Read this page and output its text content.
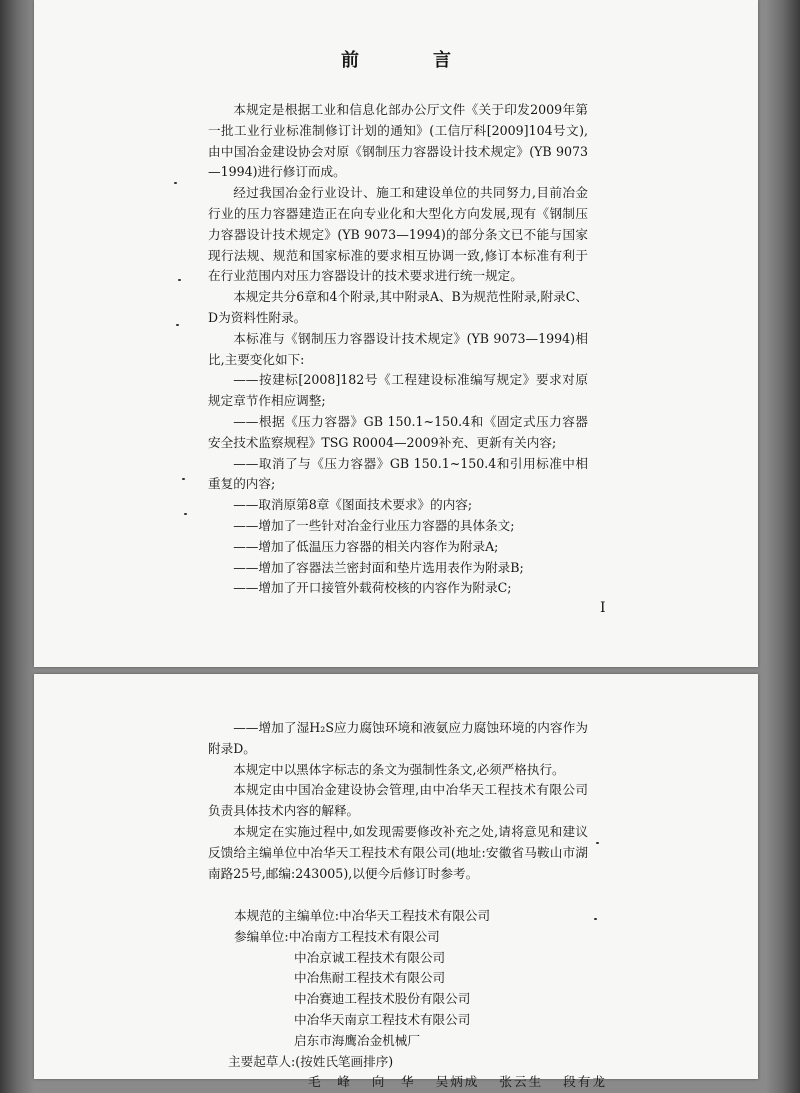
前　言

本规定是根据工业和信息化部办公厅文件《关于印发2009年第一批工业行业标准制修订计划的通知》(工信厅科[2009]104号文),由中国冶金建设协会对原《钢制压力容器设计技术规定》(YB 9073—1994)进行修订而成。

经过我国冶金行业设计、施工和建设单位的共同努力,目前冶金行业的压力容器建造正在向专业化和大型化方向发展,现有《钢制压力容器设计技术规定》(YB 9073—1994)的部分条文已不能与国家现行法规、规范和国家标准的要求相互协调一致,修订本标准有利于在行业范围内对压力容器设计的技术要求进行统一规定。

本规定共分6章和4个附录,其中附录A、B为规范性附录,附录C、D为资料性附录。

本标准与《钢制压力容器设计技术规定》(YB 9073—1994)相比,主要变化如下:

——按建标[2008]182号《工程建设标准编写规定》要求对原规定章节作相应调整;

——根据《压力容器》GB 150.1~150.4和《固定式压力容器安全技术监察规程》TSG R0004—2009补充、更新有关内容;

——取消了与《压力容器》GB 150.1~150.4和引用标准中相重复的内容;

——取消原第8章《图面技术要求》的内容;

——增加了一些针对冶金行业压力容器的具体条文;

——增加了低温压力容器的相关内容作为附录A;

——增加了容器法兰密封面和垫片选用表作为附录B;

——增加了开口接管外载荷校核的内容作为附录C;

I

——增加了湿H₂S应力腐蚀环境和液氨应力腐蚀环境的内容作为附录D。

本规定中以黑体字标志的条文为强制性条文,必须严格执行。

本规定由中国冶金建设协会管理,由中冶华天工程技术有限公司负责具体技术内容的解释。

本规定在实施过程中,如发现需要修改补充之处,请将意见和建议反馈给主编单位中冶华天工程技术有限公司(地址:安徽省马鞍山市湖南路25号,邮编:243005),以便今后修订时参考。

本规范的主编单位:中冶华天工程技术有限公司
参编单位:中冶南方工程技术有限公司
中冶京诚工程技术有限公司
中冶焦耐工程技术有限公司
中冶赛迪工程技术股份有限公司
中冶华天南京工程技术有限公司
启东市海鹰冶金机械厂
主要起草人:(按姓氏笔画排序)
毛　峰 向　华 吴炳成 张云生 段有龙
